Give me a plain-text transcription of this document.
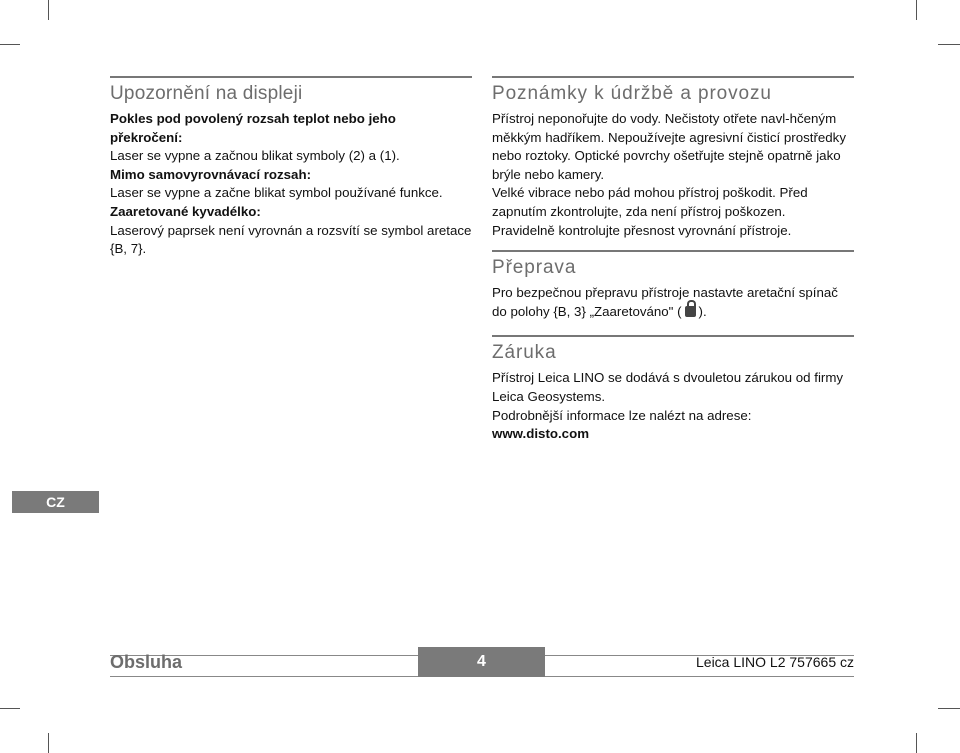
Upozornění na displeji

Pokles pod povolený rozsah teplot nebo jeho překročení:

Laser se vypne a začnou blikat symboly (2) a (1).

Mimo samovyrovnávací rozsah:

Laser se vypne a začne blikat symbol používané funkce.

Zaaretované kyvadélko:

Laserový paprsek není vyrovnán a rozsvítí se symbol aretace {B, 7}.

Poznámky k údržbě a provozu

Přístroj neponořujte do vody. Nečistoty otřete navl-hčeným měkkým hadříkem. Nepoužívejte agresivní čisticí prostředky nebo roztoky. Optické povrchy ošetřujte stejně opatrně jako brýle nebo kamery.

Velké vibrace nebo pád mohou přístroj poškodit. Před zapnutím zkontrolujte, zda není přístroj poškozen.

Pravidelně kontrolujte přesnost vyrovnání přístroje.

Přeprava

Pro bezpečnou přepravu přístroje nastavte aretační spínač do polohy {B, 3} „Zaaretováno" ( ).

Záruka

Přístroj Leica LINO se dodává s dvouletou zárukou od firmy Leica Geosystems.

Podrobnější informace lze nalézt na adrese:

www.disto.com

CZ
Obsluha	4	Leica LINO L2 757665 cz
